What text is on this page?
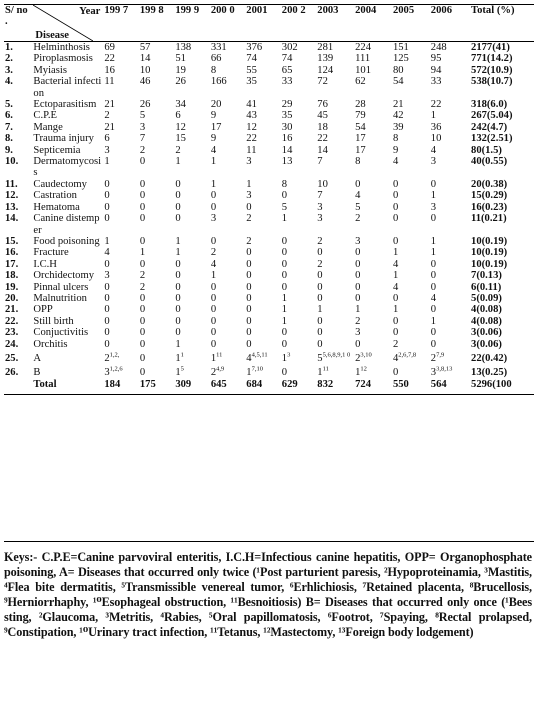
S/ no .	Year
Disease	199 7	199 8	199 9	200 0	2001	200 2	2003	2004	2005	2006	Total (%)
1.	Helminthosis	69	57	138	331	376	302	281	224	151	248	2177(41)
2.	Piroplasmosis	22	14	51	66	74	74	139	111	125	95	771(14.2)
3.	Myiasis	16	10	19	8	55	65	124	101	80	94	572(10.9)
4.	Bacterial infection	11	46	26	166	35	33	72	62	54	33	538(10.7)
5.	Ectoparasitism	21	26	34	20	41	29	76	28	21	22	318(6.0)
6.	C.P.E	2	5	6	9	43	35	45	79	42	1	267(5.04)
7.	Mange	21	3	12	17	12	30	18	54	39	36	242(4.7)
8.	Trauma injury	6	7	15	9	22	16	22	17	8	10	132(2.51)
9.	Septicemia	3	2	2	4	11	14	14	17	9	4	80(1.5)
10.	Dermatomycosis	1	0	1	1	3	13	7	8	4	3	40(0.55)
11.	Caudectomy	0	0	0	1	1	8	10	0	0	0	20(0.38)
12.	Castration	0	0	0	0	3	0	7	4	0	1	15(0.29)
13.	Hematoma	0	0	0	0	0	5	3	5	0	3	16(0.23)
14.	Canine distemper	0	0	0	3	2	1	3	2	0	0	11(0.21)
15.	Food poisoning	1	0	1	0	2	0	2	3	0	1	10(0.19)
16.	Fracture	4	1	1	2	0	0	0	0	1	1	10(0.19)
17.	I.C.H	0	0	0	4	0	0	2	0	4	0	10(0.19)
18.	Orchidectomy	3	2	0	1	0	0	0	0	1	0	7(0.13)
19.	Pinnal ulcers	0	2	0	0	0	0	0	0	4	0	6(0.11)
20.	Malnutrition	0	0	0	0	0	1	0	0	0	4	5(0.09)
21.	OPP	0	0	0	0	0	1	1	1	1	0	4(0.08)
22.	Still birth	0	0	0	0	0	1	0	2	0	1	4(0.08)
23.	Conjuctivitis	0	0	0	0	0	0	0	3	0	0	3(0.06)
24.	Orchitis	0	0	1	0	0	0	0	0	2	0	3(0.06)
25.	A	$2^{1,2,}$	0	$1^1$	$1^{11}$	4$^{4,5,11}$	$1^3$	$5^{5,6,8,9,1 0}$	2$^{3,10}$	4$^{2,6,7,8}$	2$^{7,9}$	22(0.42)
26.	B	3$^{1,2,6}$	0	$1^5$	2$^{4,9}$	1$^{7,10}$	0	$1^{11}$	$1^{12}$	0	3$^{3,8,13}$	13(0.25)
	Total	184	175	309	645	684	629	832	724	550	564	5296(100
Keys:- C.P.E=Canine parvoviral enteritis, I.C.H=Infectious canine hepatitis, OPP= Organophosphate poisoning, A= Diseases that occurred only twice (¹Post parturient paresis, ²Hypoproteinamia, ³Mastitis, ⁴Flea bite dermatitis, ⁵Transmissible venereal tumor, ⁶Erhlichiosis, ⁷Retained placenta, ⁸Brucellosis, ⁹Herniorrhaphy, ¹⁰Esophageal obstruction, ¹¹Besnoitiosis) B= Diseases that occurred only once (¹Bees sting, ²Glaucoma, ³Metritis, ⁴Rabies, ⁵Oral papillomatosis, ⁶Footrot, ⁷Spaying, ⁸Rectal prolapsed, ⁹Constipation, ¹⁰Urinary tract infection, ¹¹Tetanus, ¹²Mastectomy, ¹³Foreign body lodgement)
